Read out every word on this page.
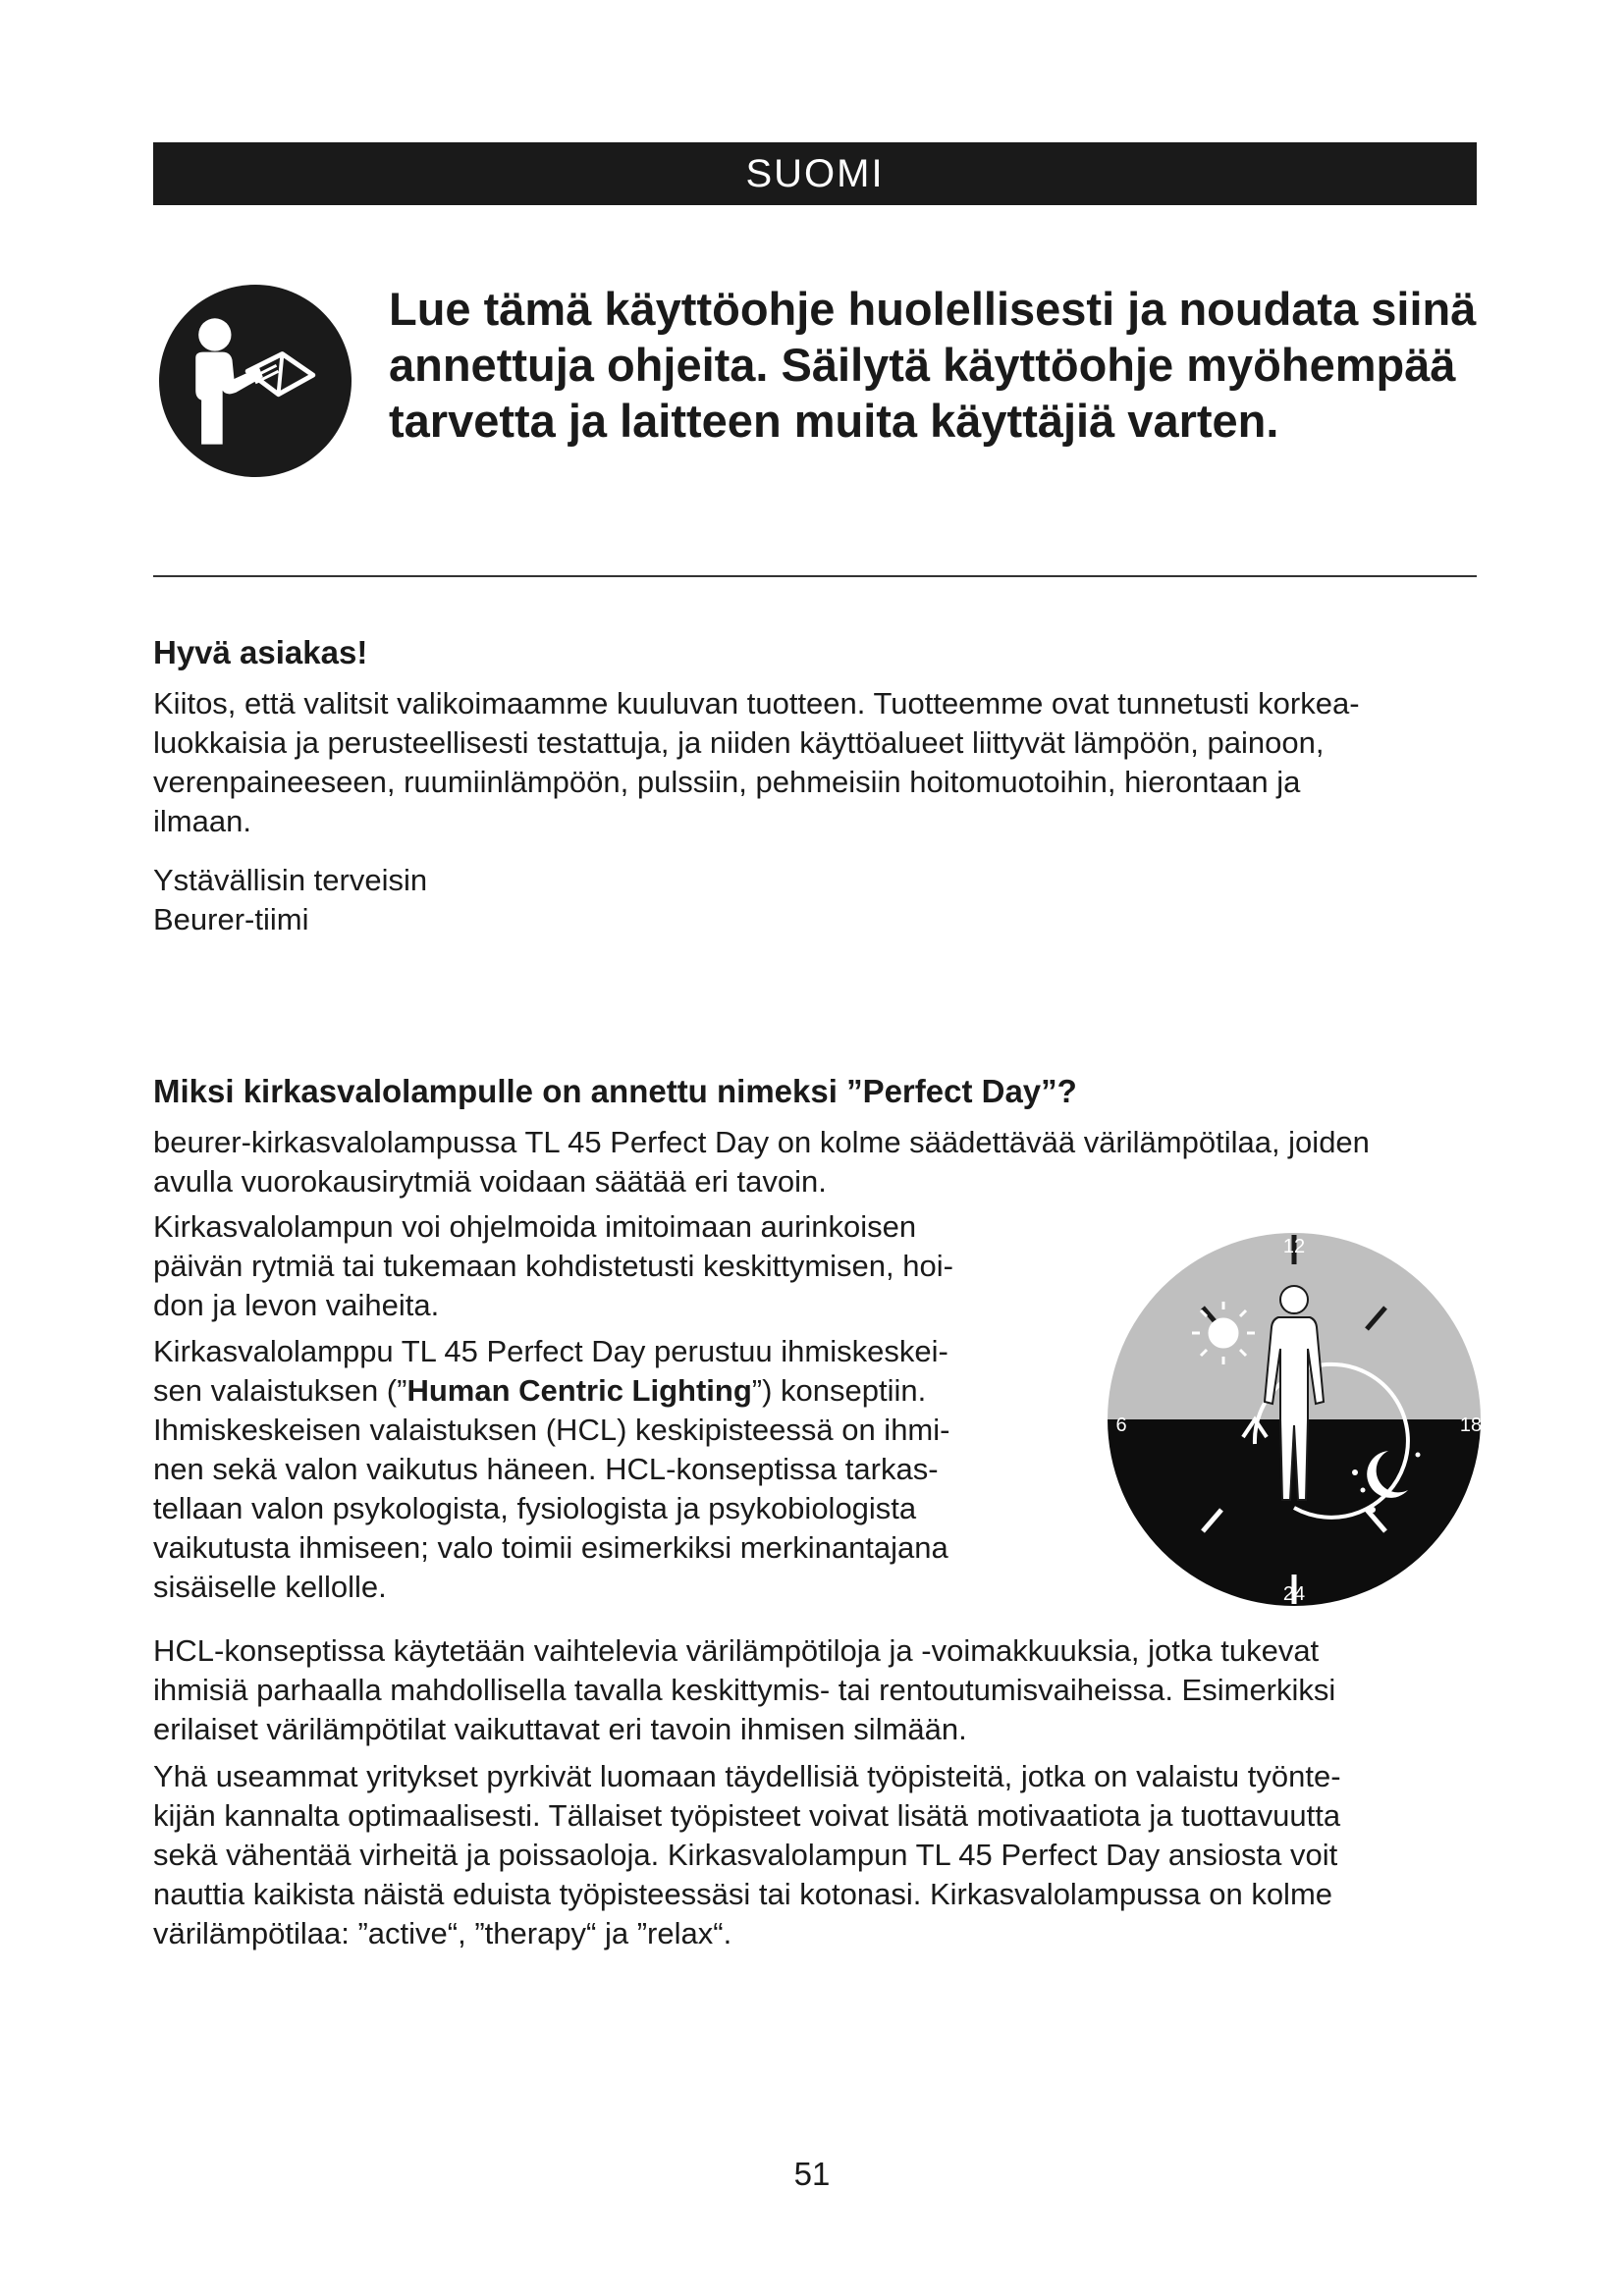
SUOMI

Lue tämä käyttöohje huolellisesti ja noudata siinä
annettuja ohjeita. Säilytä käyttöohje myöhempää
tarvetta ja laitteen muita käyttäjiä varten.

Hyvä asiakas!

Kiitos, että valitsit valikoimaamme kuuluvan tuotteen. Tuotteemme ovat tunnetusti korkea-
luokkaisia ja perusteellisesti testattuja, ja niiden käyttöalueet liittyvät lämpöön, painoon,
verenpaineeseen, ruumiinlämpöön, pulssiin, pehmeisiin hoitomuotoihin, hierontaan ja
ilmaan.

Ystävällisin terveisin
Beurer-tiimi

Miksi kirkasvalolampulle on annettu nimeksi ”Perfect Day”?

beurer-kirkasvalolampussa TL 45 Perfect Day on kolme säädettävää värilämpötilaa, joiden
avulla vuorokausirytmiä voidaan säätää eri tavoin.

Kirkasvalolampun voi ohjelmoida imitoimaan aurinkoisen
päivän rytmiä tai tukemaan kohdistetusti keskittymisen, hoi-
don ja levon vaiheita.

Kirkasvalolamppu TL 45 Perfect Day perustuu ihmiskeskei-
sen valaistuksen (”Human Centric Lighting”) konseptiin.
Ihmiskeskeisen valaistuksen (HCL) keskipisteessä on ihmi-
nen sekä valon vaikutus häneen. HCL-konseptissa tarkas-
tellaan valon psykologista, fysiologista ja psykobiologista
vaikutusta ihmiseen; valo toimii esimerkiksi merkinantajana
sisäiselle kellolle.

12
6	18
24

HCL-konseptissa käytetään vaihtelevia värilämpötiloja ja -voimakkuuksia, jotka tukevat
ihmisiä parhaalla mahdollisella tavalla keskittymis- tai rentoutumisvaiheissa. Esimerkiksi
erilaiset värilämpötilat vaikuttavat eri tavoin ihmisen silmään.

Yhä useammat yritykset pyrkivät luomaan täydellisiä työpisteitä, jotka on valaistu työnte-
kijän kannalta optimaalisesti. Tällaiset työpisteet voivat lisätä motivaatiota ja tuottavuutta
sekä vähentää virheitä ja poissaoloja. Kirkasvalolampun TL 45 Perfect Day ansiosta voit
nauttia kaikista näistä eduista työpisteessäsi tai kotonasi. Kirkasvalolampussa on kolme
värilämpötilaa: ”active“, ”therapy“ ja ”relax“.

51
